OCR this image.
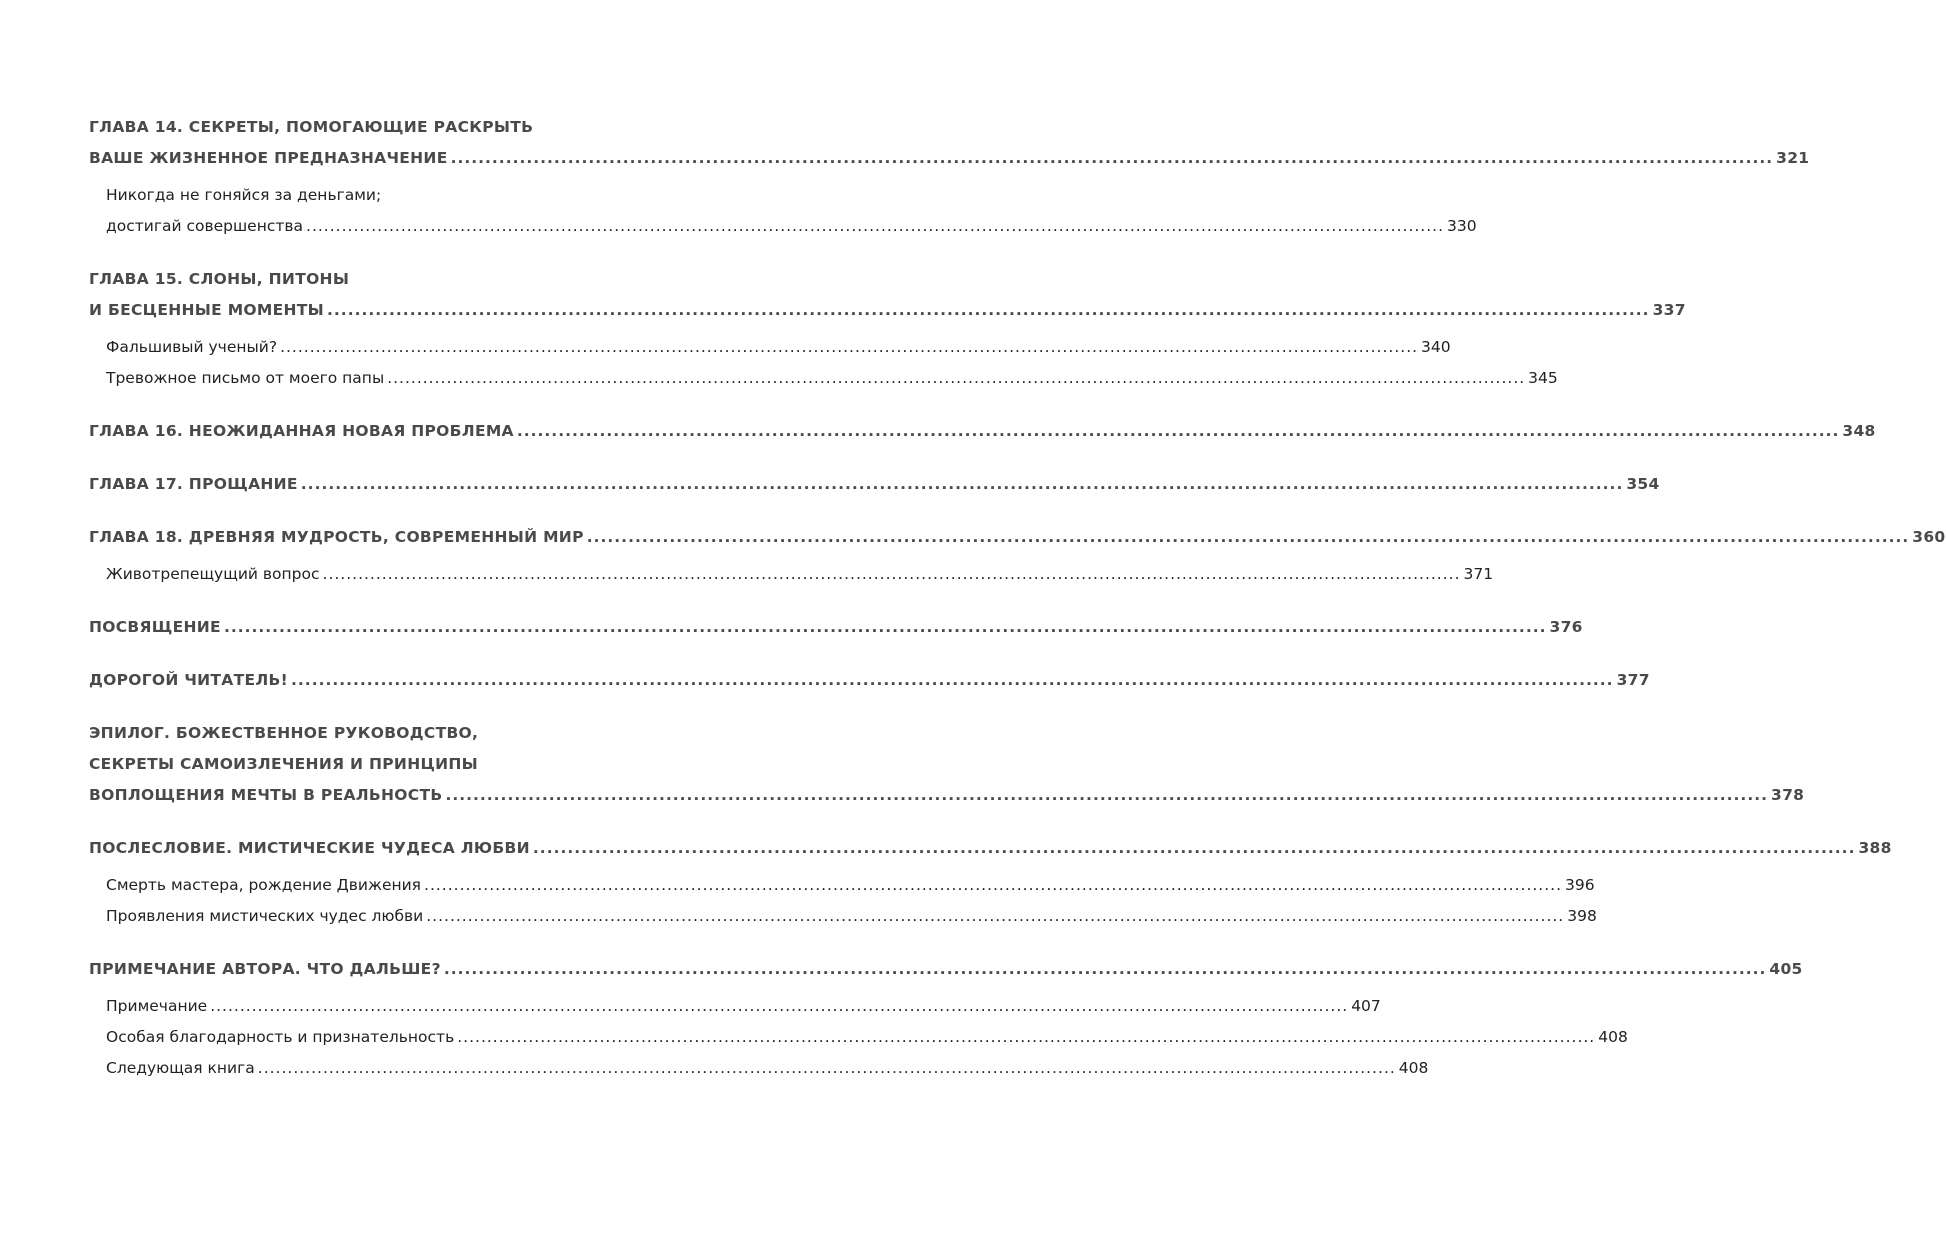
ГЛАВА 14. СЕКРЕТЫ, ПОМОГАЮЩИЕ РАСКРЫТЬ
ВАШЕ ЖИЗНЕННОЕ ПРЕДНАЗНАЧЕНИЕ .....	321
Никогда не гоняйся за деньгами;
достигай совершенства .....	330
ГЛАВА 15. СЛОНЫ, ПИТОНЫ
И БЕСЦЕННЫЕ МОМЕНТЫ .....	337
Фальшивый ученый? .....	340
Тревожное письмо от моего папы .....	345
ГЛАВА 16. НЕОЖИДАННАЯ НОВАЯ ПРОБЛЕМА .....	348
ГЛАВА 17. ПРОЩАНИЕ .....	354
ГЛАВА 18. ДРЕВНЯЯ МУДРОСТЬ, СОВРЕМЕННЫЙ МИР .....	360
Животрепещущий вопрос .....	371
ПОСВЯЩЕНИЕ .....	376
ДОРОГОЙ ЧИТАТЕЛЬ! .....	377
ЭПИЛОГ. БОЖЕСТВЕННОЕ РУКОВОДСТВО,
СЕКРЕТЫ САМОИЗЛЕЧЕНИЯ И ПРИНЦИПЫ
ВОПЛОЩЕНИЯ МЕЧТЫ В РЕАЛЬНОСТЬ .....	378
ПОСЛЕСЛОВИЕ. МИСТИЧЕСКИЕ ЧУДЕСА ЛЮБВИ .....	388
Смерть мастера, рождение Движения .....	396
Проявления мистических чудес любви .....	398
ПРИМЕЧАНИЕ АВТОРА. ЧТО ДАЛЬШЕ? .....	405
Примечание .....	407
Особая благодарность и признательность .....	408
Следующая книга .....	408
